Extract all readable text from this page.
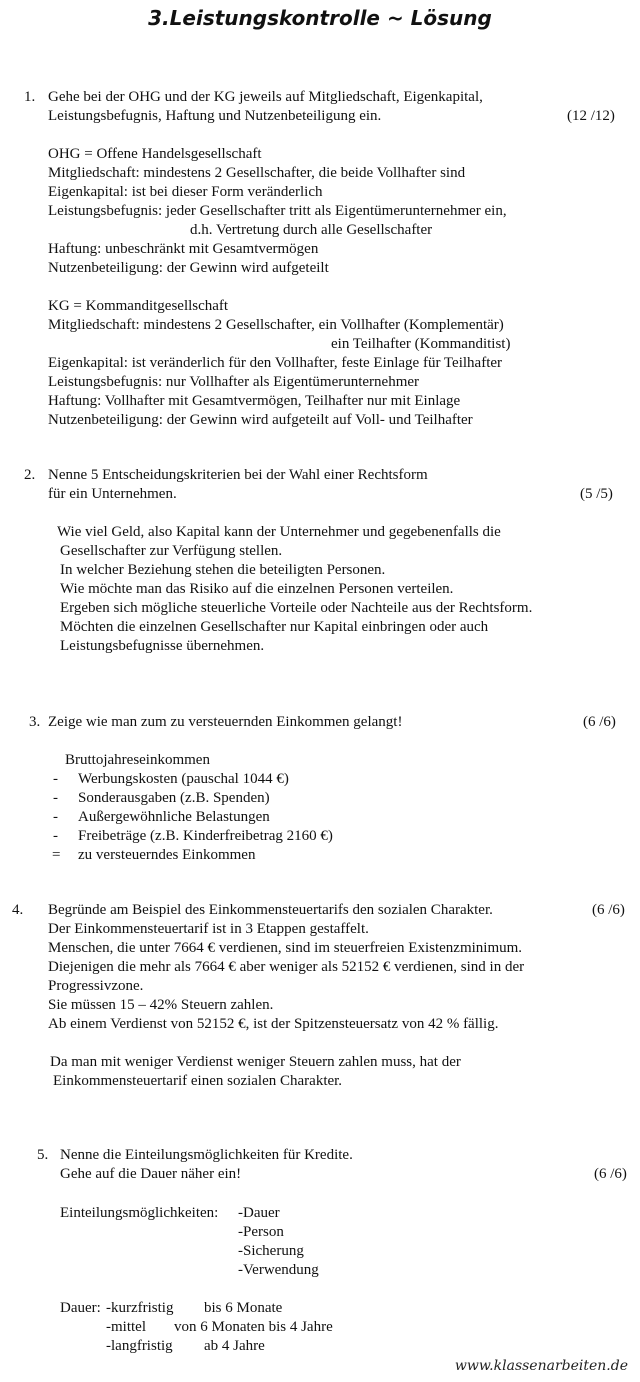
3.Leistungskontrolle ~ Lösung
1. Gehe bei der OHG und der KG jeweils auf Mitgliedschaft, Eigenkapital,
Leistungsbefugnis, Haftung und Nutzenbeteiligung ein.	(12 /12)
OHG = Offene Handelsgesellschaft
Mitgliedschaft: mindestens 2 Gesellschafter, die beide Vollhafter sind
Eigenkapital: ist bei dieser Form veränderlich
Leistungsbefugnis: jeder Gesellschafter tritt als Eigentümerunternehmer ein,
d.h. Vertretung durch alle Gesellschafter
Haftung: unbeschränkt mit Gesamtvermögen
Nutzenbeteiligung: der Gewinn wird aufgeteilt
KG = Kommanditgesellschaft
Mitgliedschaft: mindestens 2 Gesellschafter, ein Vollhafter (Komplementär)
ein Teilhafter (Kommanditist)
Eigenkapital: ist veränderlich für den Vollhafter, feste Einlage für Teilhafter
Leistungsbefugnis: nur Vollhafter als Eigentümerunternehmer
Haftung: Vollhafter mit Gesamtvermögen, Teilhafter nur mit Einlage
Nutzenbeteiligung: der Gewinn wird aufgeteilt auf Voll- und Teilhafter
2. Nenne 5 Entscheidungskriterien bei der Wahl einer Rechtsform
für ein Unternehmen.	(5 /5)
Wie viel Geld, also Kapital kann der Unternehmer und gegebenenfalls die
Gesellschafter zur Verfügung stellen.
In welcher Beziehung stehen die beteiligten Personen.
Wie möchte man das Risiko auf die einzelnen Personen verteilen.
Ergeben sich mögliche steuerliche Vorteile oder Nachteile aus der Rechtsform.
Möchten die einzelnen Gesellschafter nur Kapital einbringen oder auch
Leistungsbefugnisse übernehmen.
3. Zeige wie man zum zu versteuernden Einkommen gelangt!	(6 /6)
Bruttojahreseinkommen
- Werbungskosten (pauschal 1044 €)
- Sonderausgaben (z.B. Spenden)
- Außergewöhnliche Belastungen
- Freibeträge (z.B. Kinderfreibetrag 2160 €)
= zu versteuerndes Einkommen
4. Begründe am Beispiel des Einkommensteuertarifs den sozialen Charakter.	(6 /6)
Der Einkommensteuertarif ist in 3 Etappen gestaffelt.
Menschen, die unter 7664 € verdienen, sind im steuerfreien Existenzminimum.
Diejenigen die mehr als 7664 € aber weniger als 52152 € verdienen, sind in der
Progressivzone.
Sie müssen 15 – 42% Steuern zahlen.
Ab einem Verdienst von 52152 €, ist der Spitzensteuersatz von 42 % fällig.
Da man mit weniger Verdienst weniger Steuern zahlen muss, hat der
Einkommensteuertarif einen sozialen Charakter.
5. Nenne die Einteilungsmöglichkeiten für Kredite.
Gehe auf die Dauer näher ein!	(6 /6)
Einteilungsmöglichkeiten: -Dauer
-Person
-Sicherung
-Verwendung
Dauer: -kurzfristig bis 6 Monate
-mittel von 6 Monaten bis 4 Jahre
-langfristig ab 4 Jahre
www.klassenarbeiten.de
